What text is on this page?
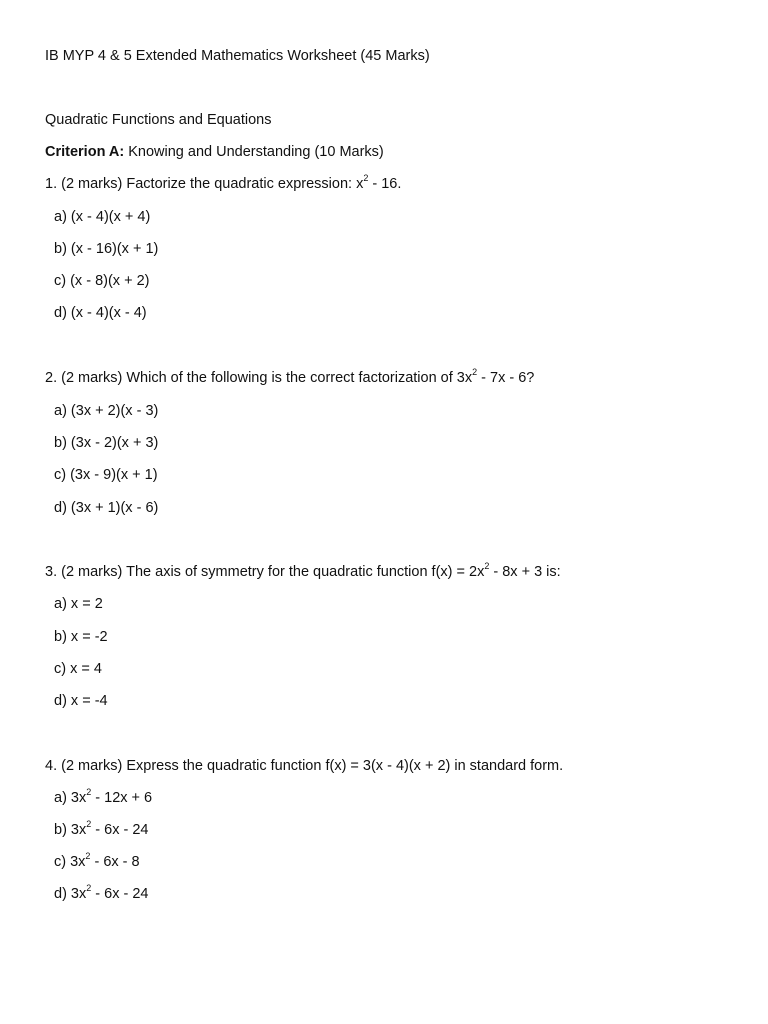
IB MYP 4 & 5 Extended Mathematics Worksheet (45 Marks)
Quadratic Functions and Equations
Criterion A: Knowing and Understanding (10 Marks)
1. (2 marks) Factorize the quadratic expression: $x^2 - 16$.
a) (x - 4)(x + 4)
b) (x - 16)(x + 1)
c) (x - 8)(x + 2)
d) (x - 4)(x - 4)
2. (2 marks) Which of the following is the correct factorization of $3x^2 - 7x - 6$?
a) (3x + 2)(x - 3)
b) (3x - 2)(x + 3)
c) (3x - 9)(x + 1)
d) (3x + 1)(x - 6)
3. (2 marks) The axis of symmetry for the quadratic function $f(x) = 2x^2 - 8x + 3$ is:
a) x = 2
b) x = -2
c) x = 4
d) x = -4
4. (2 marks) Express the quadratic function f(x) = 3(x - 4)(x + 2) in standard form.
a) $3x^2 - 12x + 6$
b) $3x^2 - 6x - 24$
c) $3x^2 - 6x - 8$
d) $3x^2 - 6x - 24$
